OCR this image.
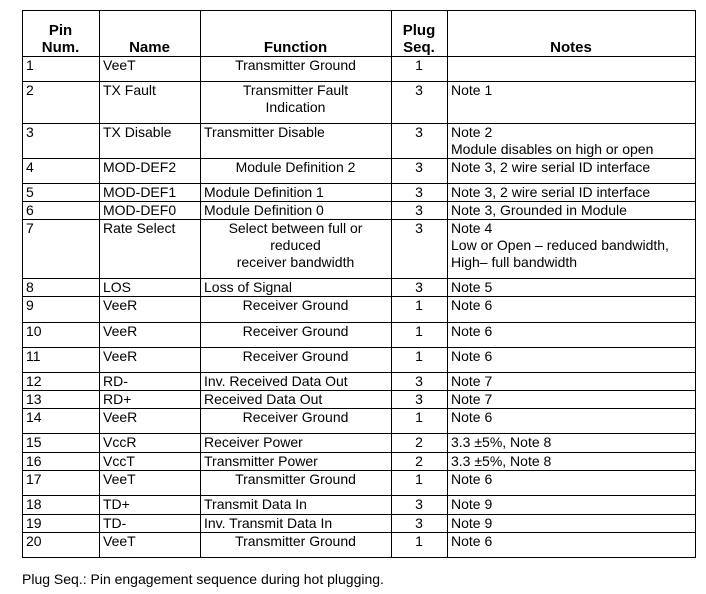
Pin
Num.	Name	Function	Plug
Seq.	Notes
1	VeeT	Transmitter Ground	1	
2	TX Fault	Transmitter Fault
Indication	3	Note 1

3	TX Disable	Transmitter Disable	3	Note 2
Module disables on high or open

4	MOD-DEF2	Module Definition 2	3	Note 3, 2 wire serial ID interface

5	MOD-DEF1	Module Definition 1	3	Note 3, 2 wire serial ID interface

6	MOD-DEF0	Module Definition 0	3	Note 3, Grounded in Module

7	Rate Select	Select between full or
reduced
receiver bandwidth	3	Note 4
Low or Open – reduced bandwidth,
High– full bandwidth

8	LOS	Loss of Signal	3	Note 5

9	VeeR	Receiver Ground	1	Note 6

10	VeeR	Receiver Ground	1	Note 6

11	VeeR	Receiver Ground	1	Note 6

12	RD-	Inv. Received Data Out	3	Note 7

13	RD+	Received Data Out	3	Note 7

14	VeeR	Receiver Ground	1	Note 6

15	VccR	Receiver Power	2	3.3 ±5%, Note 8

16	VccT	Transmitter Power	2	3.3 ±5%, Note 8

17	VeeT	Transmitter Ground	1	Note 6

18	TD+	Transmit Data In	3	Note 9

19	TD-	Inv. Transmit Data In	3	Note 9

20	VeeT	Transmitter Ground	1	Note 6
Plug Seq.: Pin engagement sequence during hot plugging.
